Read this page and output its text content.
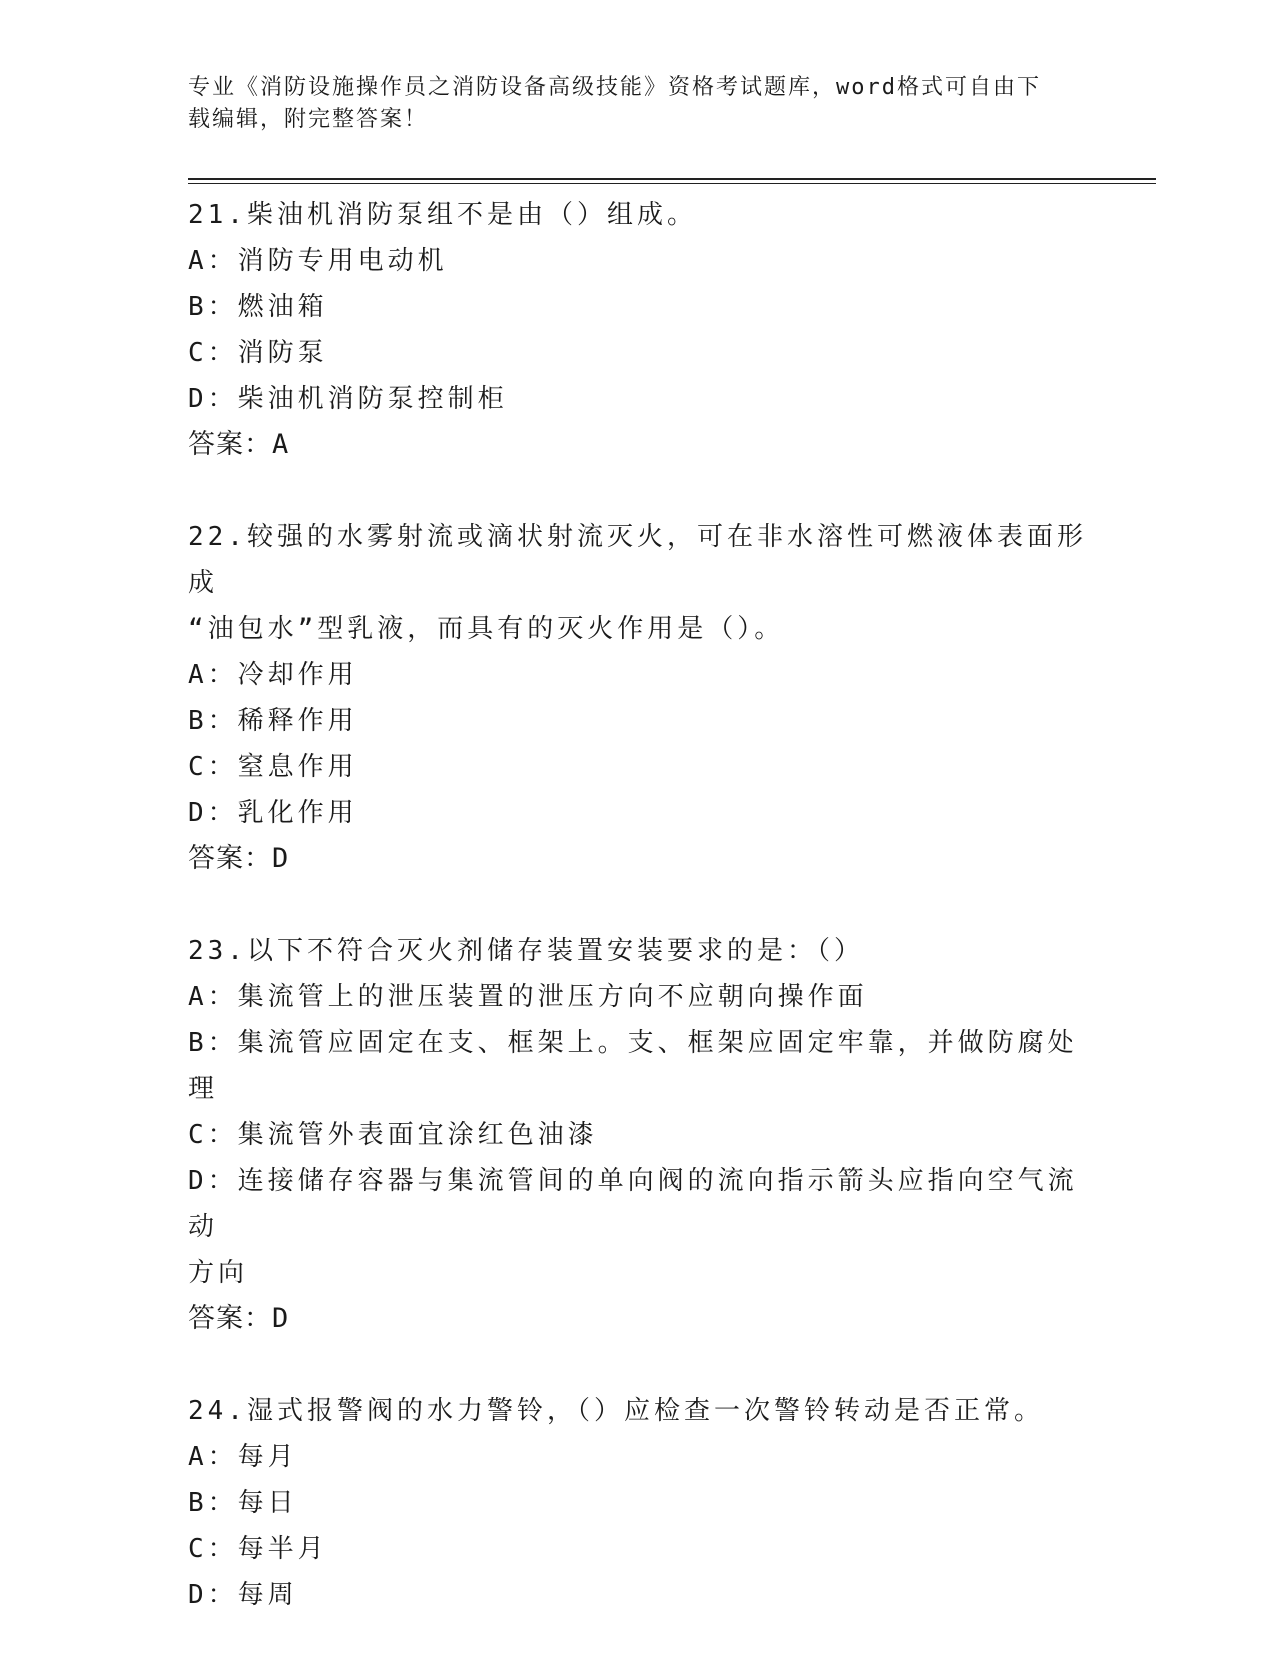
专业《消防设施操作员之消防设备高级技能》资格考试题库，word格式可自由下
载编辑，附完整答案！
21.柴油机消防泵组不是由（）组成。
A：消防专用电动机
B：燃油箱
C：消防泵
D：柴油机消防泵控制柜
答案：A
22.较强的水雾射流或滴状射流灭火，可在非水溶性可燃液体表面形成
“油包水”型乳液，而具有的灭火作用是（）。
A：冷却作用
B：稀释作用
C：窒息作用
D：乳化作用
答案：D
23.以下不符合灭火剂储存装置安装要求的是：（）
A：集流管上的泄压装置的泄压方向不应朝向操作面
B：集流管应固定在支、框架上。支、框架应固定牢靠，并做防腐处理
C：集流管外表面宜涂红色油漆
D：连接储存容器与集流管间的单向阀的流向指示箭头应指向空气流动
方向
答案：D
24.湿式报警阀的水力警铃，（）应检查一次警铃转动是否正常。
A：每月
B：每日
C：每半月
D：每周
